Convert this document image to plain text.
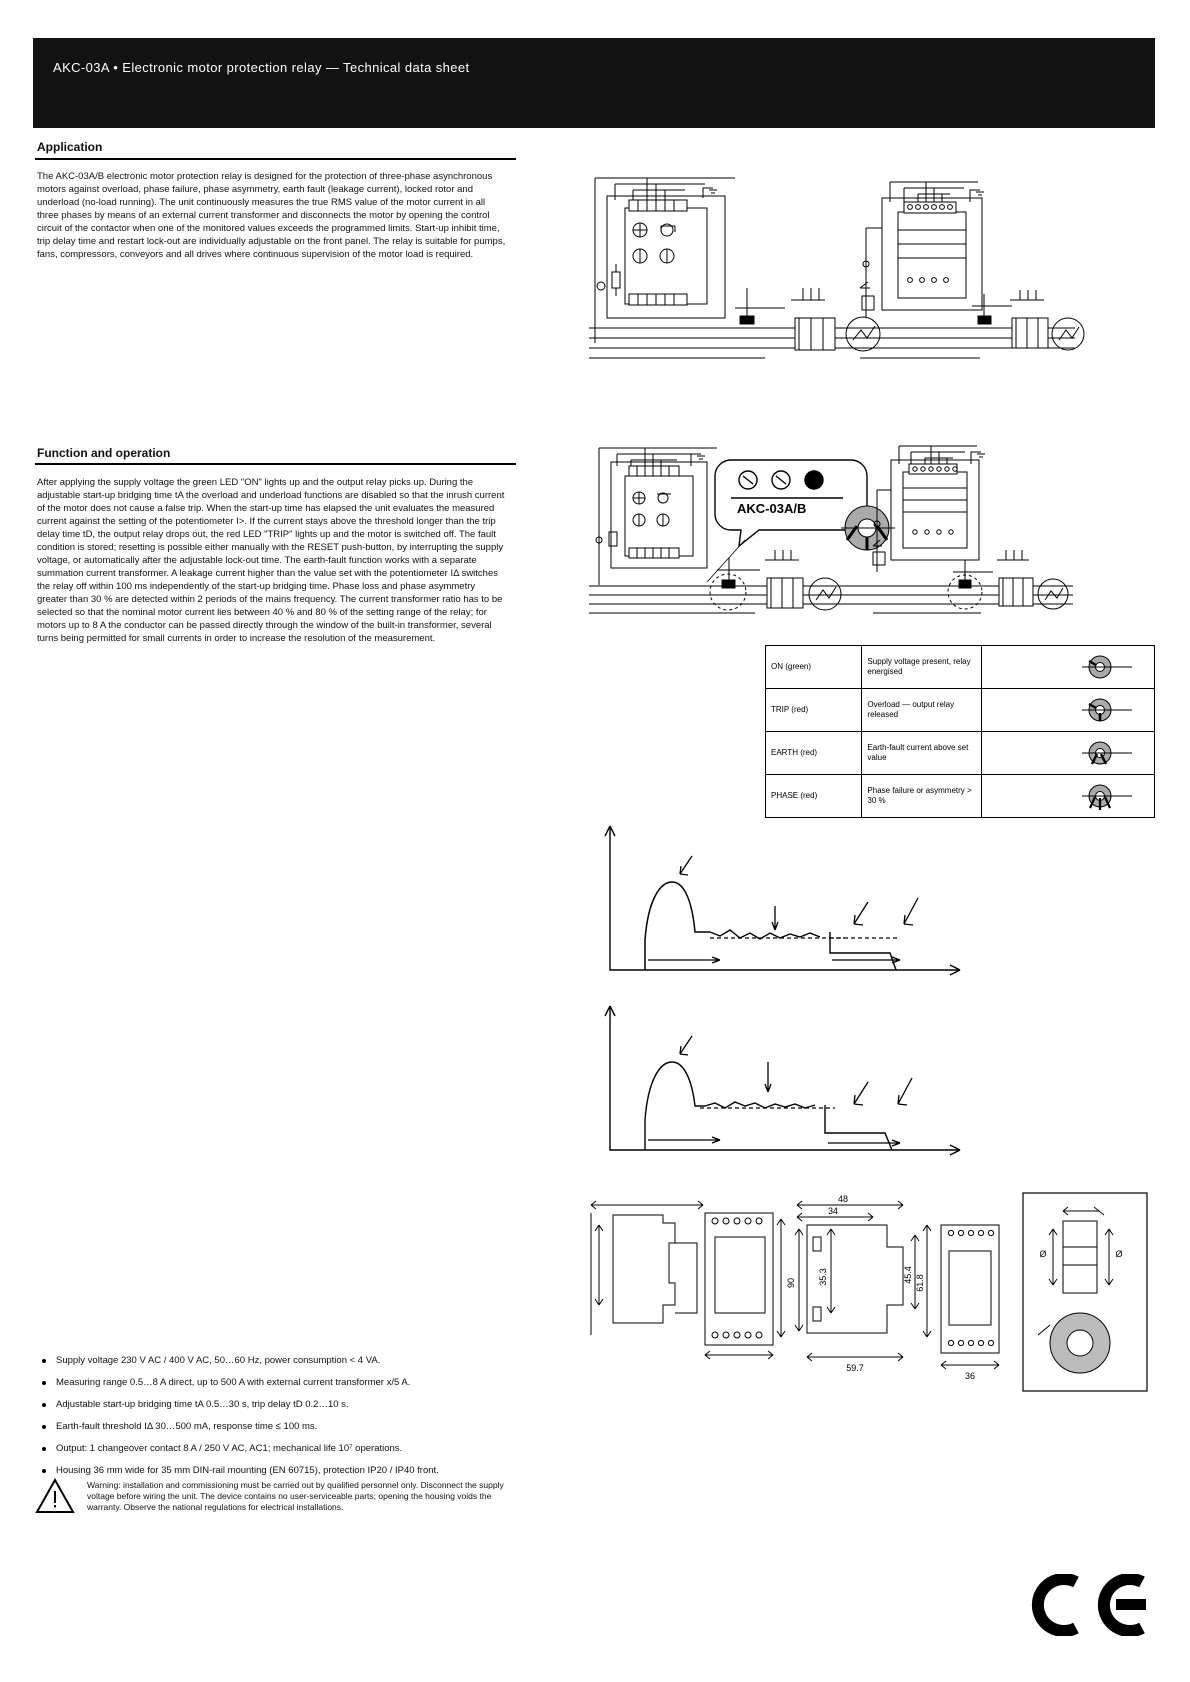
AKC-03A • Electronic motor protection relay — Technical data sheet
Application
The AKC-03A/B electronic motor protection relay is designed for the protection of three-phase asynchronous motors against overload, phase failure, phase asymmetry, earth fault (leakage current), locked rotor and underload (no-load running). The unit continuously measures the true RMS value of the motor current in all three phases by means of an external current transformer and disconnects the motor by opening the control circuit of the contactor when one of the monitored values exceeds the programmed limits. Start-up inhibit time, trip delay time and restart lock-out are individually adjustable on the front panel. The relay is suitable for pumps, fans, compressors, conveyors and all drives where continuous supervision of the motor load is required.
Function and operation
After applying the supply voltage the green LED "ON" lights up and the output relay picks up. During the adjustable start-up bridging time tA the overload and underload functions are disabled so that the inrush current of the motor does not cause a false trip. When the start-up time has elapsed the unit evaluates the measured current against the setting of the potentiometer I>. If the current stays above the threshold longer than the trip delay time tD, the output relay drops out, the red LED "TRIP" lights up and the motor is switched off. The fault condition is stored; resetting is possible either manually with the RESET push-button, by interrupting the supply voltage, or automatically after the adjustable lock-out time. The earth-fault function works with a separate summation current transformer. A leakage current higher than the value set with the potentiometer IΔ switches the relay off within 100 ms independently of the start-up bridging time. Phase loss and phase asymmetry greater than 30 % are detected within 2 periods of the mains frequency. The current transformer ratio has to be selected so that the nominal motor current lies between 40 % and 80 % of the setting range of the relay; for motors up to 8 A the conductor can be passed directly through the window of the built-in transformer, several turns being permitted for small currents in order to increase the resolution of the measurement.
Supply voltage 230 V AC / 400 V AC, 50…60 Hz, power consumption < 4 VA.
Measuring range 0.5…8 A direct, up to 500 A with external current transformer x/5 A.
Adjustable start-up bridging time tA 0.5…30 s, trip delay tD 0.2…10 s.
Earth-fault threshold IΔ 30…500 mA, response time ≤ 100 ms.
Output: 1 changeover contact 8 A / 250 V AC, AC1; mechanical life 10⁷ operations.
Housing 36 mm wide for 35 mm DIN-rail mounting (EN 60715), protection IP20 / IP40 front.
Warning: installation and commissioning must be carried out by qualified personnel only. Disconnect the supply voltage before wiring the unit. The device contains no user-serviceable parts; opening the housing voids the warranty. Observe the national regulations for electrical installations.
AKC-03A/B
ON (green)	Supply voltage present, relay energised	

TRIP (red)	Overload — output relay released	

EARTH (red)	Earth-fault current above set value	

PHASE (red)	Phase failure or asymmetry > 30 %	
48
34
90 35.3	45.4 61.8
59.7
36
Ø	Ø
